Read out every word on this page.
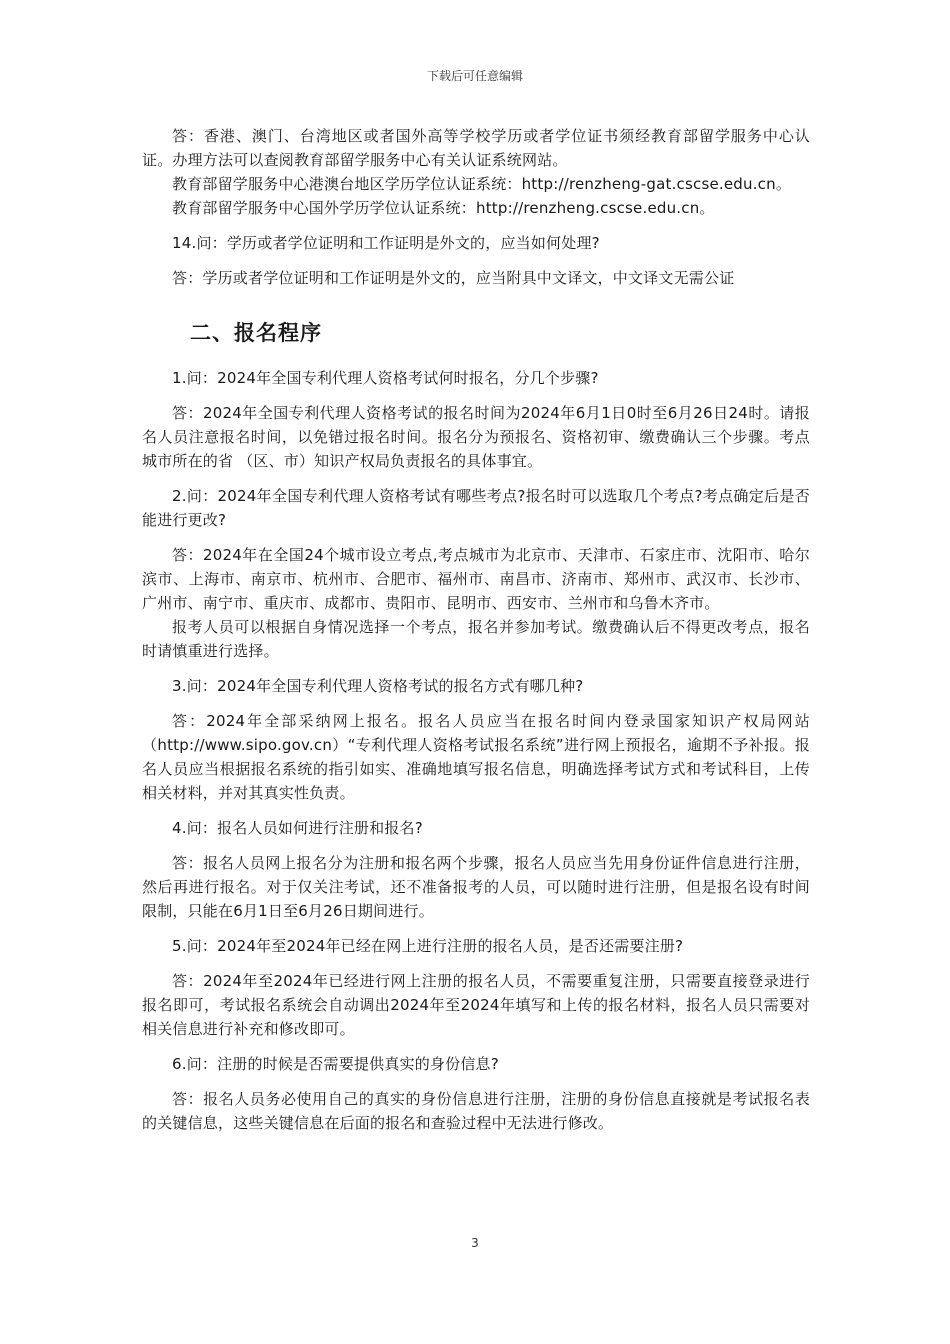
下载后可任意编辑

答：香港、澳门、台湾地区或者国外高等学校学历或者学位证书须经教育部留学服务中心认证。办理方法可以查阅教育部留学服务中心有关认证系统网站。

教育部留学服务中心港澳台地区学历学位认证系统：http://renzheng-gat.cscse.edu.cn。

教育部留学服务中心国外学历学位认证系统：http://renzheng.cscse.edu.cn。

14.问：学历或者学位证明和工作证明是外文的，应当如何处理?

答：学历或者学位证明和工作证明是外文的，应当附具中文译文，中文译文无需公证

二、报名程序

1.问：2024年全国专利代理人资格考试何时报名，分几个步骤?

答：2024年全国专利代理人资格考试的报名时间为2024年6月1日0时至6月26日24时。请报名人员注意报名时间，以免错过报名时间。报名分为预报名、资格初审、缴费确认三个步骤。考点城市所在的省 （区、市）知识产权局负责报名的具体事宜。

2.问：2024年全国专利代理人资格考试有哪些考点?报名时可以选取几个考点?考点确定后是否能进行更改?

答：2024年在全国24个城市设立考点,考点城市为北京市、天津市、石家庄市、沈阳市、哈尔滨市、上海市、南京市、杭州市、合肥市、福州市、南昌市、济南市、郑州市、武汉市、长沙市、广州市、南宁市、重庆市、成都市、贵阳市、昆明市、西安市、兰州市和乌鲁木齐市。

报考人员可以根据自身情况选择一个考点，报名并参加考试。缴费确认后不得更改考点，报名时请慎重进行选择。

3.问：2024年全国专利代理人资格考试的报名方式有哪几种?

答：2024年全部采纳网上报名。报名人员应当在报名时间内登录国家知识产权局网站（http://www.sipo.gov.cn）“专利代理人资格考试报名系统”进行网上预报名，逾期不予补报。报名人员应当根据报名系统的指引如实、准确地填写报名信息，明确选择考试方式和考试科目，上传相关材料，并对其真实性负责。

4.问：报名人员如何进行注册和报名?

答：报名人员网上报名分为注册和报名两个步骤，报名人员应当先用身份证件信息进行注册，然后再进行报名。对于仅关注考试，还不准备报考的人员，可以随时进行注册，但是报名设有时间限制，只能在6月1日至6月26日期间进行。

5.问：2024年至2024年已经在网上进行注册的报名人员，是否还需要注册?

答：2024年至2024年已经进行网上注册的报名人员，不需要重复注册，只需要直接登录进行报名即可，考试报名系统会自动调出2024年至2024年填写和上传的报名材料，报名人员只需要对相关信息进行补充和修改即可。

6.问：注册的时候是否需要提供真实的身份信息?

答：报名人员务必使用自己的真实的身份信息进行注册，注册的身份信息直接就是考试报名表的关键信息，这些关键信息在后面的报名和查验过程中无法进行修改。

3
